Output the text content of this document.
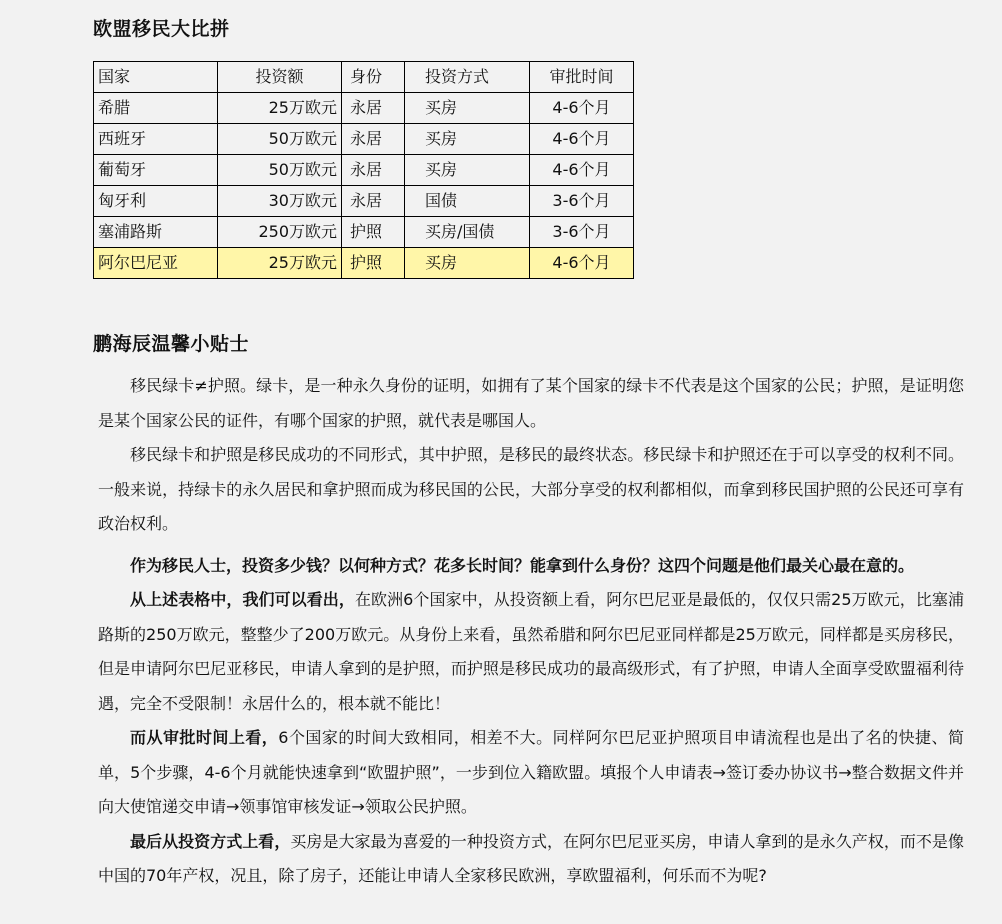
欧盟移民大比拼
国家	投资额	身份	投资方式	审批时间
希腊	25万欧元	永居	买房	4-6个月
西班牙	50万欧元	永居	买房	4-6个月
葡萄牙	50万欧元	永居	买房	4-6个月
匈牙利	30万欧元	永居	国债	3-6个月
塞浦路斯	250万欧元	护照	买房/国债	3-6个月
阿尔巴尼亚	25万欧元	护照	买房	4-6个月
鹏海辰温馨小贴士

移民绿卡≠护照。绿卡，是一种永久身份的证明，如拥有了某个国家的绿卡不代表是这个国家的公民；护照，是证明您是某个国家公民的证件，有哪个国家的护照，就代表是哪国人。

移民绿卡和护照是移民成功的不同形式，其中护照，是移民的最终状态。移民绿卡和护照还在于可以享受的权利不同。一般来说，持绿卡的永久居民和拿护照而成为移民国的公民，大部分享受的权利都相似，而拿到移民国护照的公民还可享有政治权利。

作为移民人士，投资多少钱？以何种方式？花多长时间？能拿到什么身份？这四个问题是他们最关心最在意的。

从上述表格中，我们可以看出，在欧洲6个国家中，从投资额上看，阿尔巴尼亚是最低的，仅仅只需25万欧元，比塞浦路斯的250万欧元，整整少了200万欧元。从身份上来看，虽然希腊和阿尔巴尼亚同样都是25万欧元，同样都是买房移民，但是申请阿尔巴尼亚移民，申请人拿到的是护照，而护照是移民成功的最高级形式，有了护照，申请人全面享受欧盟福利待遇，完全不受限制！永居什么的，根本就不能比！

而从审批时间上看，6个国家的时间大致相同，相差不大。同样阿尔巴尼亚护照项目申请流程也是出了名的快捷、简单，5个步骤，4-6个月就能快速拿到“欧盟护照”，一步到位入籍欧盟。填报个人申请表→签订委办协议书→整合数据文件并向大使馆递交申请→领事馆审核发证→领取公民护照。

最后从投资方式上看，买房是大家最为喜爱的一种投资方式，在阿尔巴尼亚买房，申请人拿到的是永久产权，而不是像中国的70年产权，况且，除了房子，还能让申请人全家移民欧洲，享欧盟福利，何乐而不为呢?
